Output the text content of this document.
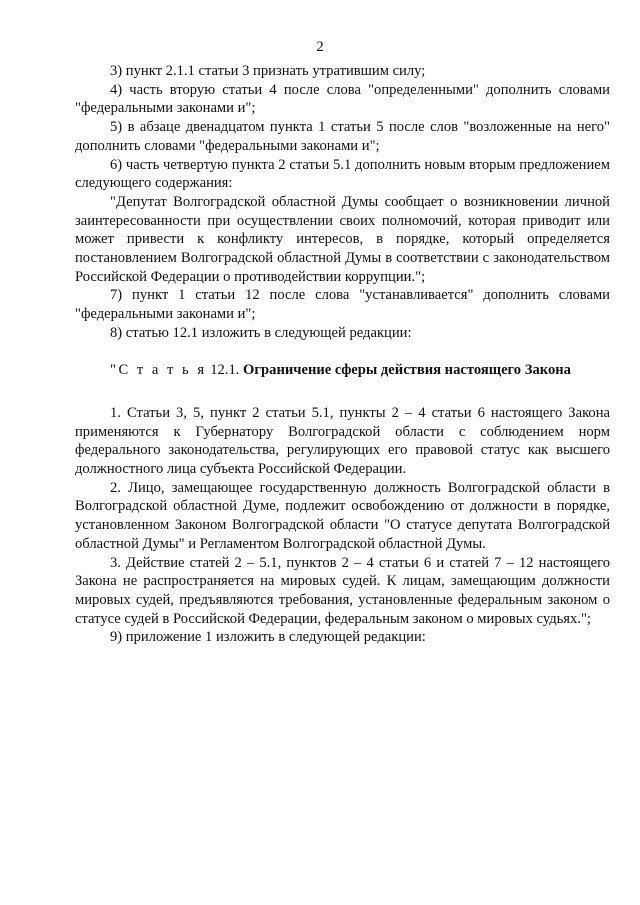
2

3) пункт 2.1.1 статьи 3 признать утратившим силу;

4) часть вторую статьи 4 после слова "определенными" дополнить словами "федеральными законами и";

5) в абзаце двенадцатом пункта 1 статьи 5 после слов "возложенные на него" дополнить словами "федеральными законами и";

6) часть четвертую пункта 2 статьи 5.1 дополнить новым вторым предложением следующего содержания:

"Депутат Волгоградской областной Думы сообщает о возникновении личной заинтересованности при осуществлении своих полномочий, которая приводит или может привести к конфликту интересов, в порядке, который определяется постановлением Волгоградской областной Думы в соответствии с законодательством Российской Федерации о противодействии коррупции.";

7) пункт 1 статьи 12 после слова "устанавливается" дополнить словами "федеральными законами и";

8) статью 12.1 изложить в следующей редакции:

"С т а т ь я 12.1. Ограничение сферы действия настоящего Закона

1. Статьи 3, 5, пункт 2 статьи 5.1, пункты 2 – 4 статьи 6 настоящего Закона применяются к Губернатору Волгоградской области с соблюдением норм федерального законодательства, регулирующих его правовой статус как высшего должностного лица субъекта Российской Федерации.

2. Лицо, замещающее государственную должность Волгоградской области в Волгоградской областной Думе, подлежит освобождению от должности в порядке, установленном Законом Волгоградской области "О статусе депутата Волгоградской областной Думы" и Регламентом Волгоградской областной Думы.

3. Действие статей 2 – 5.1, пунктов 2 – 4 статьи 6 и статей 7 – 12 настоящего Закона не распространяется на мировых судей. К лицам, замещающим должности мировых судей, предъявляются требования, установленные федеральным законом о статусе судей в Российской Федерации, федеральным законом о мировых судьях.";

9) приложение 1 изложить в следующей редакции:
